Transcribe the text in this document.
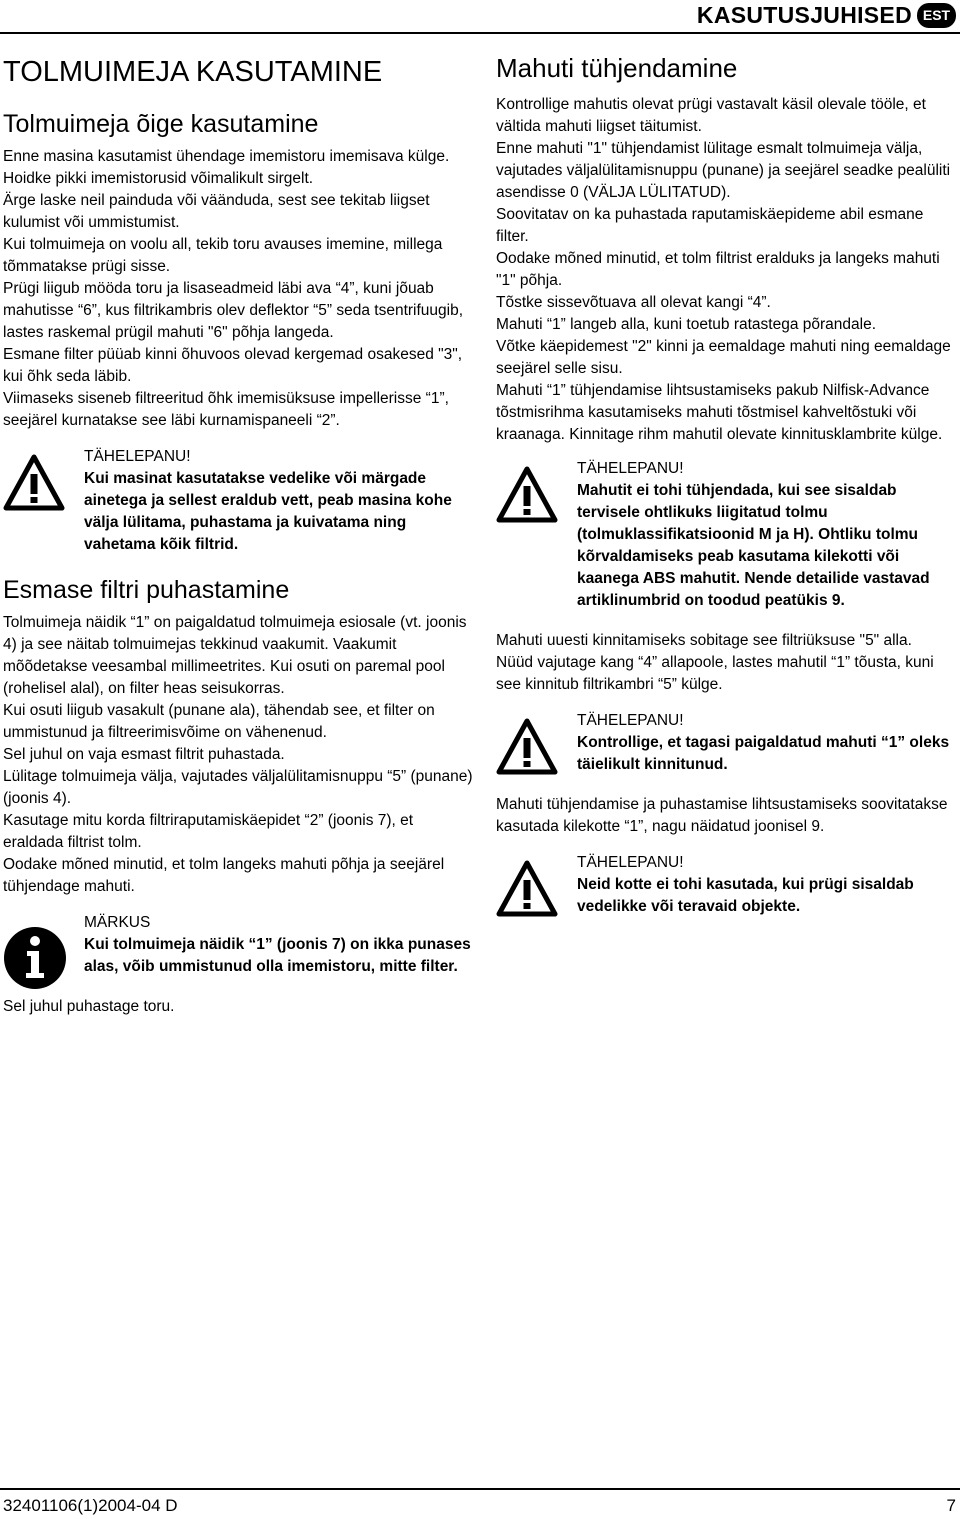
KASUTUSJUHISED EST
TOLMUIMEJA KASUTAMINE
Tolmuimeja õige kasutamine

Enne masina kasutamist ühendage imemistoru imemisava külge.

Hoidke pikki imemistorusid võimalikult sirgelt.

Ärge laske neil painduda või väänduda, sest see tekitab liigset kulumist või ummistumist.

Kui tolmuimeja on voolu all, tekib toru avauses imemine, millega tõmmatakse prügi sisse.

Prügi liigub mööda toru ja lisaseadmeid läbi ava “4”, kuni jõuab mahutisse “6”, kus filtrikambris olev deflektor “5” seda tsentrifuugib, lastes raskemal prügil mahuti "6" põhja langeda.

Esmane filter püüab kinni õhuvoos olevad kergemad osakesed "3", kui õhk seda läbib.

Viimaseks siseneb filtreeritud õhk imemisüksuse impellerisse “1”, seejärel kurnatakse see läbi kurnamispaneeli “2”.

TÄHELEPANU!
Kui masinat kasutatakse vedelike või märgade ainetega ja sellest eraldub vett, peab masina kohe välja lülitama, puhastama ja kuivatama ning vahetama kõik filtrid.
Esmase filtri puhastamine

Tolmuimeja näidik “1” on paigaldatud tolmuimeja esiosale (vt. joonis 4) ja see näitab tolmuimejas tekkinud vaakumit. Vaakumit mõõdetakse veesambal millimeetrites. Kui osuti on paremal pool (rohelisel alal), on filter heas seisukorras.

Kui osuti liigub vasakult (punane ala), tähendab see, et filter on ummistunud ja filtreerimisvõime on vähenenud.

Sel juhul on vaja esmast filtrit puhastada.

Lülitage tolmuimeja välja, vajutades väljalülitamisnuppu “5” (punane) (joonis 4).

Kasutage mitu korda filtriraputamiskäepidet “2” (joonis 7), et eraldada filtrist tolm.

Oodake mõned minutid, et tolm langeks mahuti põhja ja seejärel tühjendage mahuti.

MÄRKUS
Kui tolmuimeja näidik “1” (joonis 7) on ikka punases alas, võib ummistunud olla imemistoru, mitte filter.

Sel juhul puhastage toru.

Mahuti tühjendamine

Kontrollige mahutis olevat prügi vastavalt käsil olevale tööle, et vältida mahuti liigset täitumist.

Enne mahuti "1" tühjendamist lülitage esmalt tolmuimeja välja, vajutades väljalülitamisnuppu (punane) ja seejärel seadke pealüliti asendisse 0 (VÄLJA LÜLITATUD).

Soovitatav on ka puhastada raputamiskäepideme abil esmane filter.

Oodake mõned minutid, et tolm filtrist eralduks ja langeks mahuti "1" põhja.

Tõstke sissevõtuava all olevat kangi “4”.

Mahuti “1” langeb alla, kuni toetub ratastega põrandale.

Võtke käepidemest "2" kinni ja eemaldage mahuti ning eemaldage seejärel selle sisu.

Mahuti “1” tühjendamise lihtsustamiseks pakub Nilfisk-Advance tõstmisrihma kasutamiseks mahuti tõstmisel kahveltõstuki või kraanaga. Kinnitage rihm mahutil olevate kinnitusklambrite külge.

TÄHELEPANU!
Mahutit ei tohi tühjendada, kui see sisaldab tervisele ohtlikuks liigitatud tolmu (tolmuklassifikatsioonid M ja H). Ohtliku tolmu kõrvaldamiseks peab kasutama kilekotti või kaanega ABS mahutit. Nende detailide vastavad artiklinumbrid on toodud peatükis 9.

Mahuti uuesti kinnitamiseks sobitage see filtriüksuse "5" alla.

Nüüd vajutage kang “4” allapoole, lastes mahutil “1” tõusta, kuni see kinnitub filtrikambri “5” külge.

TÄHELEPANU!
Kontrollige, et tagasi paigaldatud mahuti “1” oleks täielikult kinnitunud.

Mahuti tühjendamise ja puhastamise lihtsustamiseks soovitatakse kasutada kilekotte “1”, nagu näidatud joonisel 9.

TÄHELEPANU!
Neid kotte ei tohi kasutada, kui prügi sisaldab vedelikke või teravaid objekte.
32401106(1)2004-04 D	7
